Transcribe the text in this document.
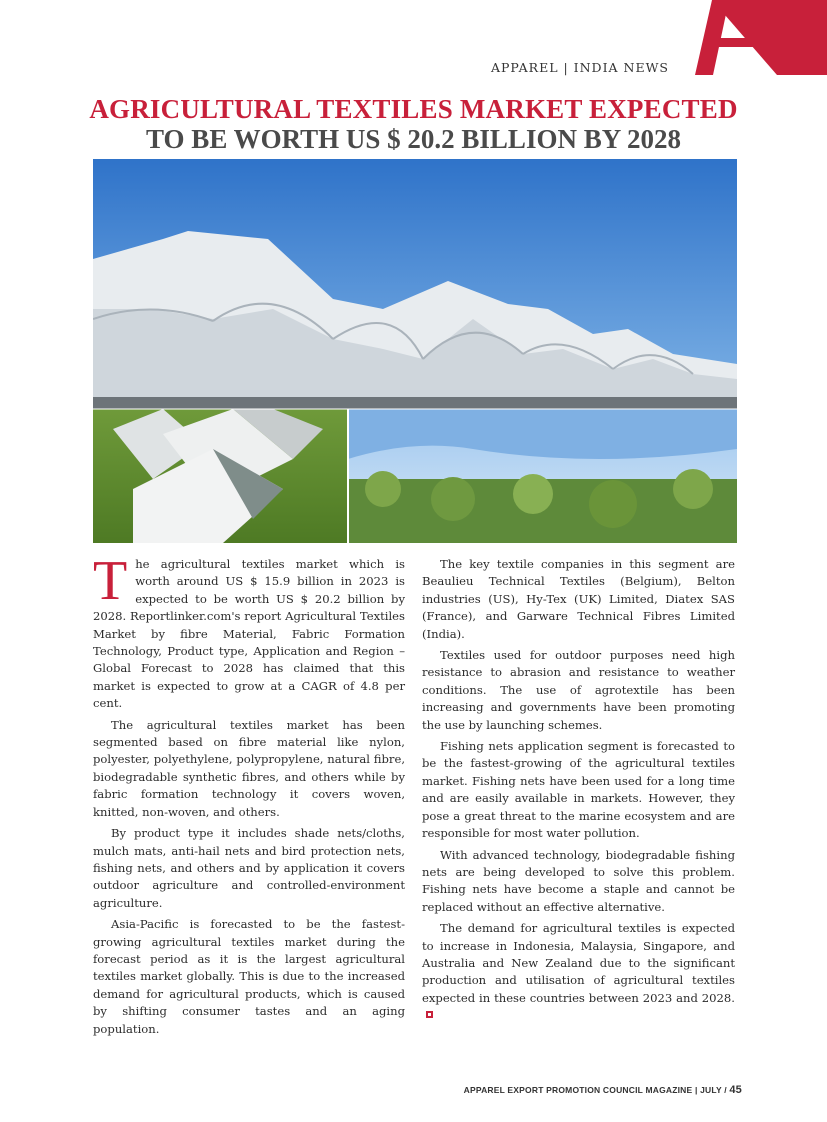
APPAREL | INDIA NEWS
AGRICULTURAL TEXTILES MARKET EXPECTED
TO BE WORTH US $ 20.2 BILLION BY 2028

The agricultural textiles market which is worth around US $ 15.9 billion in 2023 is expected to be worth US $ 20.2 billion by 2028. Reportlinker.com's report Agricultural Textiles Market by fibre Material, Fabric Formation Technology, Product type, Application and Region – Global Forecast to 2028 has claimed that this market is expected to grow at a CAGR of 4.8 per cent.

The agricultural textiles market has been segmented based on fibre material like nylon, polyester, polyethylene, polypropylene, natural fibre, biodegradable synthetic fibres, and others while by fabric formation technology it covers woven, knitted, non-woven, and others.

By product type it includes shade nets/cloths, mulch mats, anti-hail nets and bird protection nets, fishing nets, and others and by application it covers outdoor agriculture and controlled-environment agriculture.

Asia-Pacific is forecasted to be the fastest-growing agricultural textiles market during the forecast period as it is the largest agricultural textiles market globally. This is due to the increased demand for agricultural products, which is caused by shifting consumer tastes and an aging population.

The key textile companies in this segment are Beaulieu Technical Textiles (Belgium), Belton industries (US), Hy-Tex (UK) Limited, Diatex SAS (France), and Garware Technical Fibres Limited (India).

Textiles used for outdoor purposes need high resistance to abrasion and resistance to weather conditions. The use of agrotextile has been increasing and governments have been promoting the use by launching schemes.

Fishing nets application segment is forecasted to be the fastest-growing of the agricultural textiles market. Fishing nets have been used for a long time and are easily available in markets. However, they pose a great threat to the marine ecosystem and are responsible for most water pollution.

With advanced technology, biodegradable fishing nets are being developed to solve this problem. Fishing nets have become a staple and cannot be replaced without an effective alternative.

The demand for agricultural textiles is expected to increase in Indonesia, Malaysia, Singapore, and Australia and New Zealand due to the significant production and utilisation of agricultural textiles expected in these countries between 2023 and 2028.

APPAREL EXPORT PROMOTION COUNCIL MAGAZINE | JULY / 45
